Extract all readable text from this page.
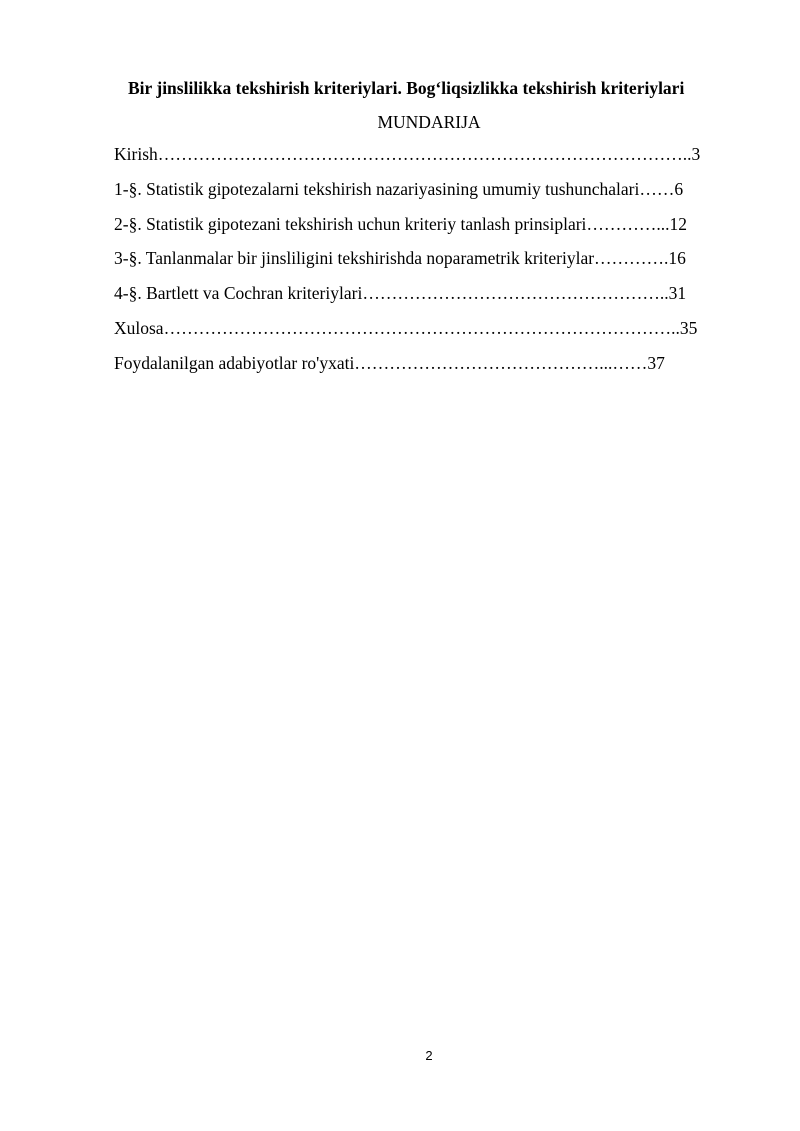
Bir jinslilikka tekshirish kriteriylari. Bog‘liqsizlikka tekshirish kriteriylari
MUNDARIJA
Kirish………………………………………………………………………………..3
1-§. Statistik gipotezalarni tekshirish nazariyasining umumiy tushunchalari……6
2-§. Statistik gipotezani tekshirish uchun kriteriy tanlash prinsiplari…………...12
3-§. Tanlanmalar bir jinsliligini tekshirishda noparametrik kriteriylar………….16
4-§. Bartlett va Cochran kriteriylari……………………………………………..31
Xulosa……………………………………………………………………………..35
Foydalanilgan adabiyotlar ro'yxati……………………………………...……37
2
